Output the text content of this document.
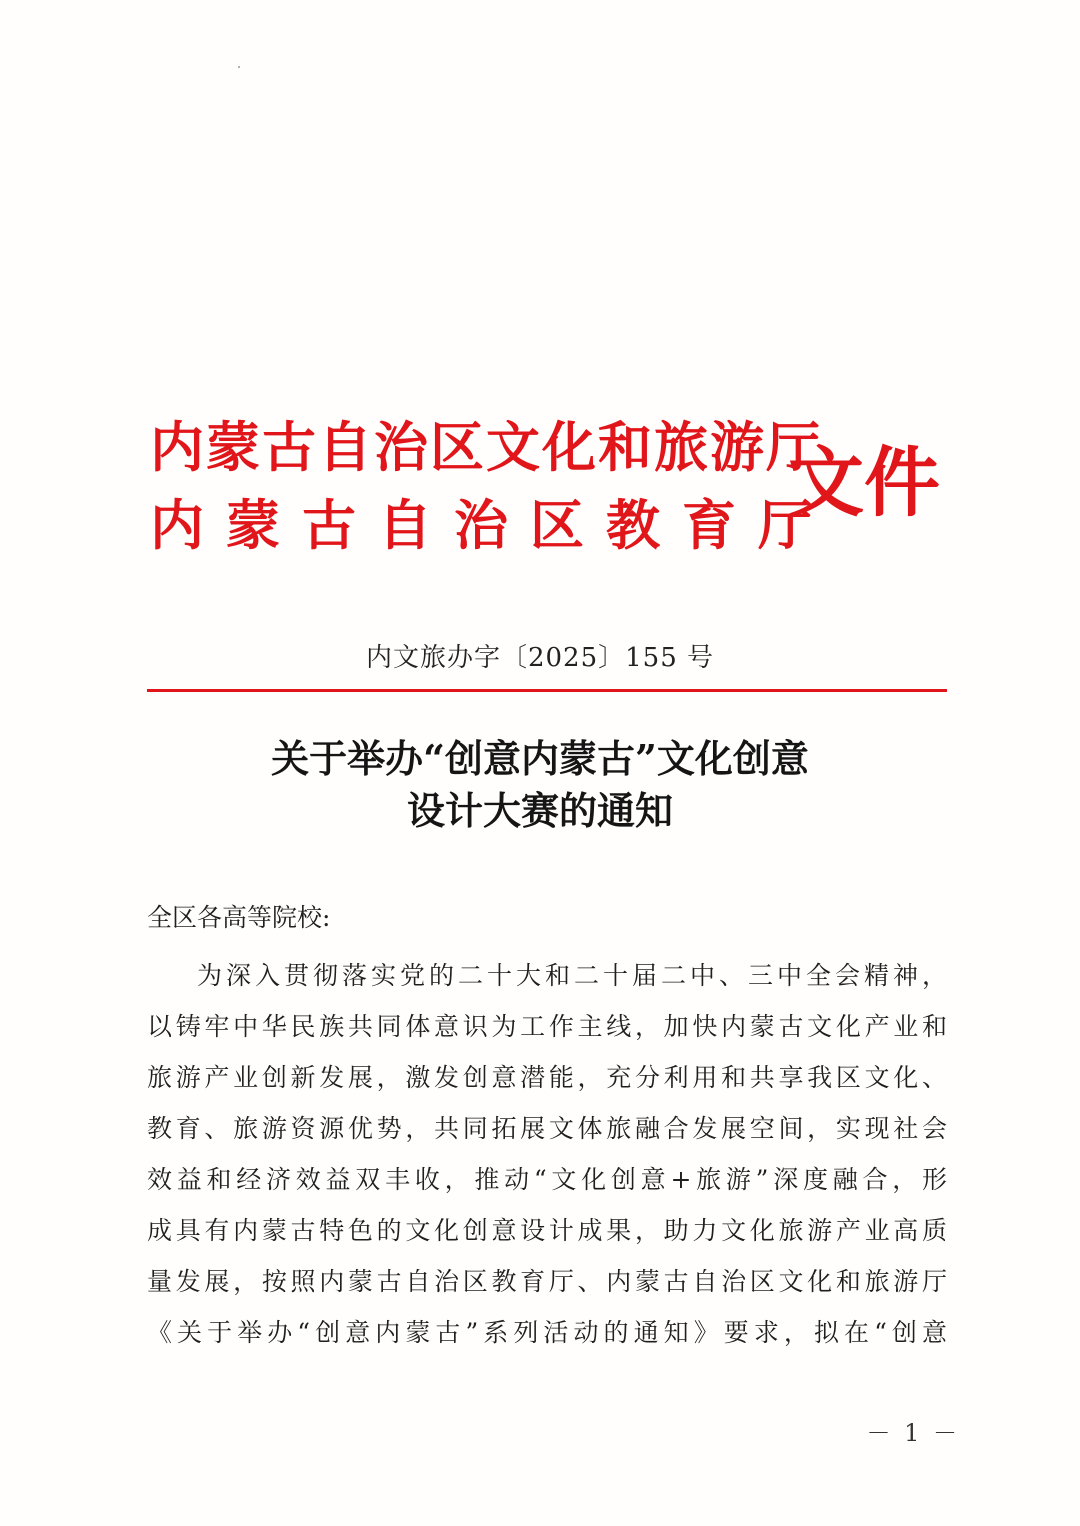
内蒙古自治区文化和旅游厅
内蒙古自治区教育厅
文件
内文旅办字〔2025〕155 号
关于举办“创意内蒙古”文化创意
设计大赛的通知
全区各高等院校:
为深入贯彻落实党的二十大和二十届二中、三中全会精神，
以铸牢中华民族共同体意识为工作主线，加快内蒙古文化产业和
旅游产业创新发展，激发创意潜能，充分利用和共享我区文化、
教育、旅游资源优势，共同拓展文体旅融合发展空间，实现社会
效益和经济效益双丰收，推动“文化创意+旅游”深度融合，形
成具有内蒙古特色的文化创意设计成果，助力文化旅游产业高质
量发展，按照内蒙古自治区教育厅、内蒙古自治区文化和旅游厅
《关于举办“创意内蒙古”系列活动的通知》要求，拟在“创意
－ 1 －
